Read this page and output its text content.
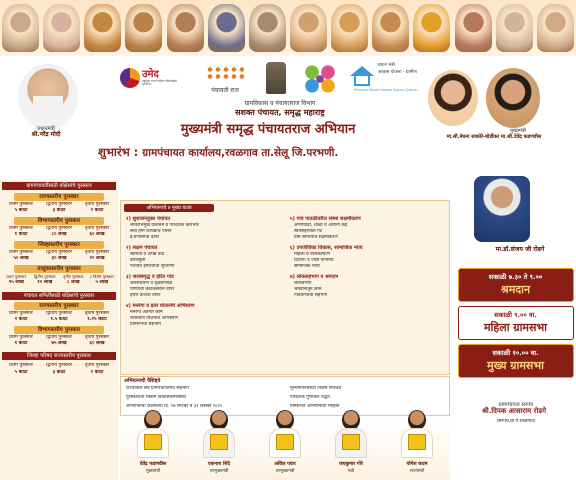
प्रधानमंत्री
श्री.नरेंद्र मोदी
उमेद
महाराष्ट्र राज्य ग्रामीण जीवनोन्नती अभियान
पंचायती राज
प्रधान मंत्री
आवास योजना - ग्रामीण
Pradhan Mantri Awaas Yojana-Gramin
ग्रामविकास व पंचायतराज विभाग
सशक्त पंचायत, समृद्ध महाराष्ट्र
मुख्यमंत्री समृद्ध पंचायतराज अभियान
शुभारंभ : ग्रामपंचायत कार्यालय,रवळगाव ता.सेलू जि.परभणी.
मुख्यमंत्री
मा.सौ.मेघना साकोरे-बोर्डीकर मा.श्री.देवेंद्र फडणवीस
मा.डॉ.संजय जी रोडगे
सकाळी ७.३० ते ९.००
श्रमदान
सकाळी ९.०० वा.
महिला ग्रामसभा
सकाळी १०.०० वा.
मुख्य ग्रामसभा
ग्रामपंचायत सरपंच
श्री.दिपक आसाराम रोडगे
(सरपंच,ग्रा.पं.रवळगाव)
ग्रामपंचायतींसाठी बक्षिसांचे पुरस्कार
राज्यस्तरीय पुरस्कार
प्रथम पुरस्कार
५ कोटी
द्वितीय पुरस्कार
३ कोटी
तृतीय पुरस्कार
२ कोटी
विभागस्तरीय पुरस्कार
प्रथम पुरस्कार
१ कोटी
द्वितीय पुरस्कार
८० लाख
तृतीय पुरस्कार
६० लाख
जिल्हास्तरीय पुरस्कार
प्रथम पुरस्कार
५० लाख
द्वितीय पुरस्कार
३० लाख
तृतीय पुरस्कार
२० लाख
तालुकास्तरीय पुरस्कार
प्रथम पुरस्कार
१५ लाख
द्वितीय पुरस्कार
१२ लाख
तृतीय पुरस्कार
८ लाख
३ विशेष पुरस्कार
५ लाख
पंचायत समितींसाठी बक्षिसांचे पुरस्कार
राज्यस्तरीय पुरस्कार
प्रथम पुरस्कार
२ कोटी
द्वितीय पुरस्कार
१.५ कोटी
तृतीय पुरस्कार
१.२५ कोटी
विभागस्तरीय पुरस्कार
प्रथम पुरस्कार
१ कोटी
द्वितीय पुरस्कार
७५ लाख
तृतीय पुरस्कार
६० लाख
जिल्हा परिषद राज्यस्तरीय पुरस्कार
प्रथम पुरस्कार
५ कोटी
द्वितीय पुरस्कार
३ कोटी
तृतीय पुरस्कार
२ कोटी
अभियानाचे ७ मुख्य घटक
१) सुशासनयुक्त पंचायत
लोकाभिमुख प्रशासन व पारदर्शक कारभार
सेवा हमी कायद्याचे पालन
इ-प्रणालींचा वापर
२) सक्षम पंचायत
स्वनिधी व उत्पन्न वाढ
करवसुली
पंचायत इमारतीची सुधारणा
३) जलसमृद्ध व हरित गाव
जलसंधारण व वृक्षलागवड
पाण्याचा काटकसरीने वापर
हरित ऊर्जेचा वापर
४) मनरेगा व इतर योजनांचे अभिसरण
मनरेगा अंतर्गत कामे
शासकीय योजनांचे अभिसरण
ग्रामसभेचा सहभाग
५) गाव पातळीवरील संस्था सक्षमीकरण
अंगणवाडी, शाळा व आरोग्य केंद्र
स्वयंसहाय्यता गट
ग्राम समित्यांचे सक्षमीकरण
६) उपजीविका विकास, सामाजिक न्याय
महिला व बालकल्याण
दिव्यांग व ज्येष्ठ नागरिक
सामाजिक न्याय
७) लोकसहभाग व श्रमदान
लोकवर्गणी
श्रमदानातून कामे
गावकऱ्यांचा सहभाग
अभियानाची वैशिष्ट्ये
राज्यातील सर्व ग्रामपंचायतींचा सहभाग
पुरस्कारांची रक्कम विकासकामांसाठी
अभियानाचा कालावधी दि. १७ सप्टेंबर ते ३१ डिसेंबर २०२५
मूल्यमापनासाठी निकष निश्चित
पारदर्शक गुणांकन पद्धत
ग्रामसभेत अभियानाची माहिती
देवेंद्र फडणवीस
मुख्यमंत्री
एकनाथ शिंदे
उपमुख्यमंत्री
अजित पवार
उपमुख्यमंत्री
जयकुमार गोरे
मंत्री
योगेश कदम
राज्यमंत्री
